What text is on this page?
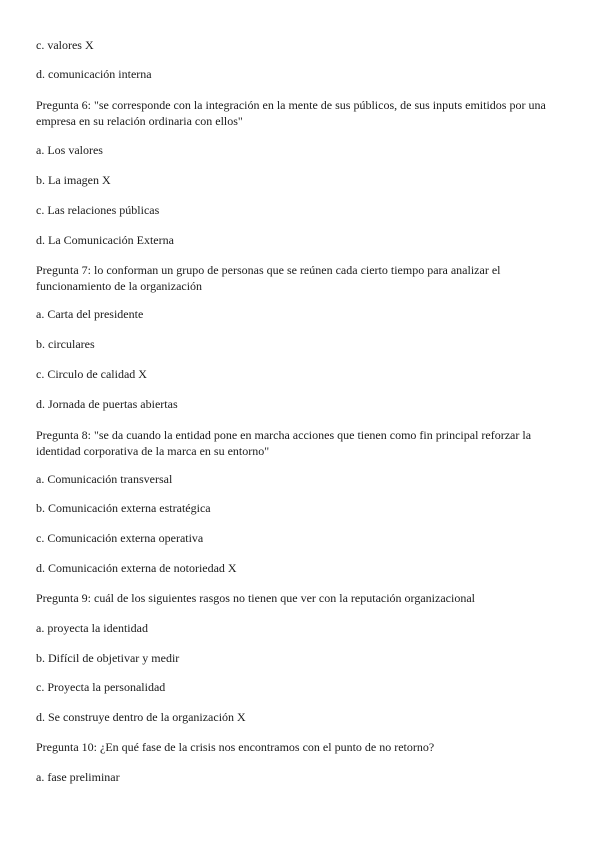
c. valores X
d. comunicación interna
Pregunta 6: "se corresponde con la integración en la mente de sus públicos, de sus inputs emitidos por una empresa en su relación ordinaria con ellos"
a. Los valores
b. La imagen X
c. Las relaciones públicas
d. La Comunicación Externa
Pregunta 7: lo conforman un grupo de personas que se reúnen cada cierto tiempo para analizar el funcionamiento de la organización
a. Carta del presidente
b. circulares
c. Circulo de calidad X
d. Jornada de puertas abiertas
Pregunta 8: "se da cuando la entidad pone en marcha acciones que tienen como fin principal reforzar la identidad corporativa de la marca en su entorno"
a. Comunicación transversal
b. Comunicación externa estratégica
c. Comunicación externa operativa
d. Comunicación externa de notoriedad X
Pregunta 9: cuál de los siguientes rasgos no tienen que ver con la reputación organizacional
a. proyecta la identidad
b. Difícil de objetivar y medir
c. Proyecta la personalidad
d. Se construye dentro de la organización X
Pregunta 10: ¿En qué fase de la crisis nos encontramos con el punto de no retorno?
a. fase preliminar
